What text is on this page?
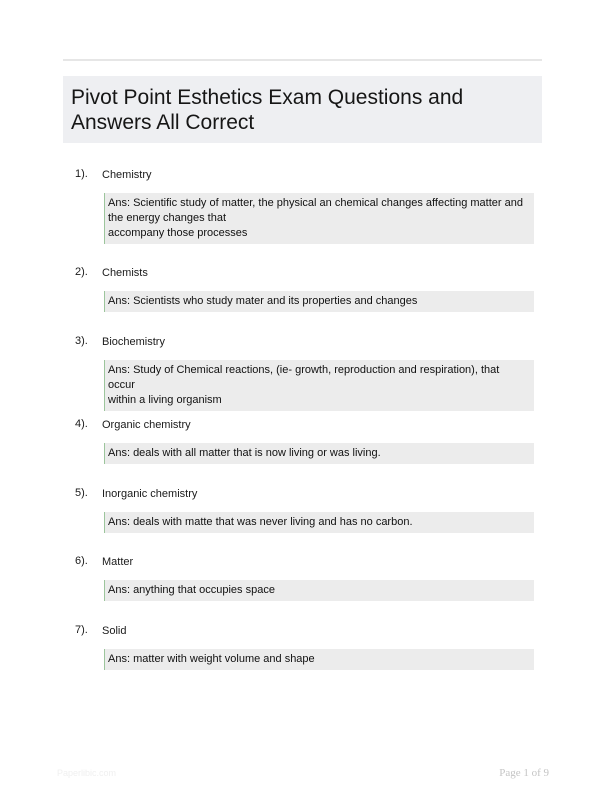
Pivot Point Esthetics Exam Questions and Answers All Correct
1). Chemistry
Ans: Scientific study of matter, the physical an chemical changes affecting matter and
the energy changes that
accompany those processes
2). Chemists
Ans: Scientists who study mater and its properties and changes
3). Biochemistry
Ans: Study of Chemical reactions, (ie- growth, reproduction and respiration), that occur
within a living organism
4). Organic chemistry
Ans: deals with all matter that is now living or was living.
5). Inorganic chemistry
Ans: deals with matte that was never living and has no carbon.
6). Matter
Ans: anything that occupies space
7). Solid
Ans: matter with weight volume and shape
Paperlibic.com	Page 1 of 9
